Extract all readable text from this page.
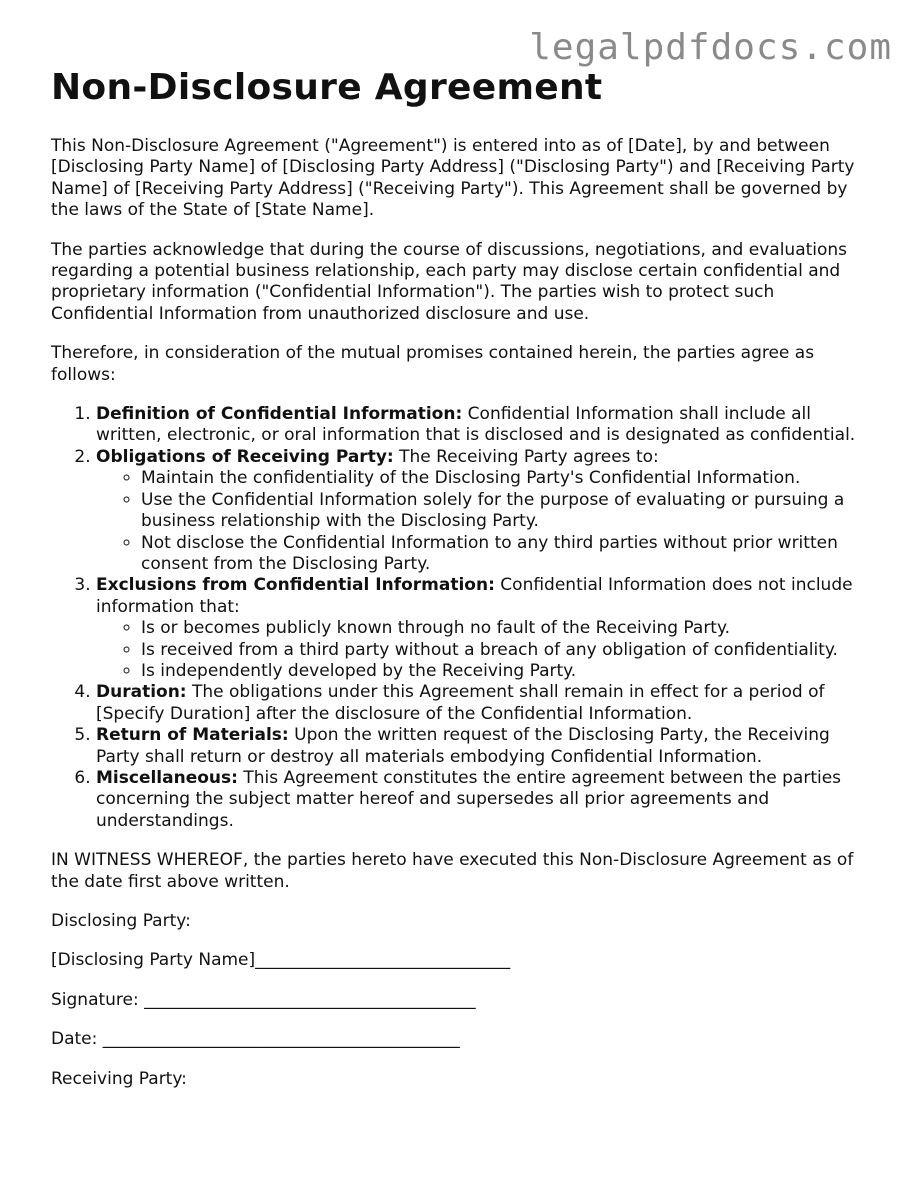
legalpdfdocs.com
Non-Disclosure Agreement

This Non-Disclosure Agreement ("Agreement") is entered into as of [Date], by and between [Disclosing Party Name] of [Disclosing Party Address] ("Disclosing Party") and [Receiving Party Name] of [Receiving Party Address] ("Receiving Party"). This Agreement shall be governed by the laws of the State of [State Name].

The parties acknowledge that during the course of discussions, negotiations, and evaluations regarding a potential business relationship, each party may disclose certain confidential and proprietary information ("Confidential Information"). The parties wish to protect such Confidential Information from unauthorized disclosure and use.

Therefore, in consideration of the mutual promises contained herein, the parties agree as follows:

1. Definition of Confidential Information: Confidential Information shall include all written, electronic, or oral information that is disclosed and is designated as confidential.
2. Obligations of Receiving Party: The Receiving Party agrees to:
◦ Maintain the confidentiality of the Disclosing Party's Confidential Information.
◦ Use the Confidential Information solely for the purpose of evaluating or pursuing a business relationship with the Disclosing Party.
◦ Not disclose the Confidential Information to any third parties without prior written consent from the Disclosing Party.
3. Exclusions from Confidential Information: Confidential Information does not include information that:
◦ Is or becomes publicly known through no fault of the Receiving Party.
◦ Is received from a third party without a breach of any obligation of confidentiality.
◦ Is independently developed by the Receiving Party.
4. Duration: The obligations under this Agreement shall remain in effect for a period of [Specify Duration] after the disclosure of the Confidential Information.
5. Return of Materials: Upon the written request of the Disclosing Party, the Receiving Party shall return or destroy all materials embodying Confidential Information.
6. Miscellaneous: This Agreement constitutes the entire agreement between the parties concerning the subject matter hereof and supersedes all prior agreements and understandings.

IN WITNESS WHEREOF, the parties hereto have executed this Non-Disclosure Agreement as of the date first above written.

Disclosing Party:
[Disclosing Party Name]______________________________
Signature: _______________________________________
Date: __________________________________________
Receiving Party:
